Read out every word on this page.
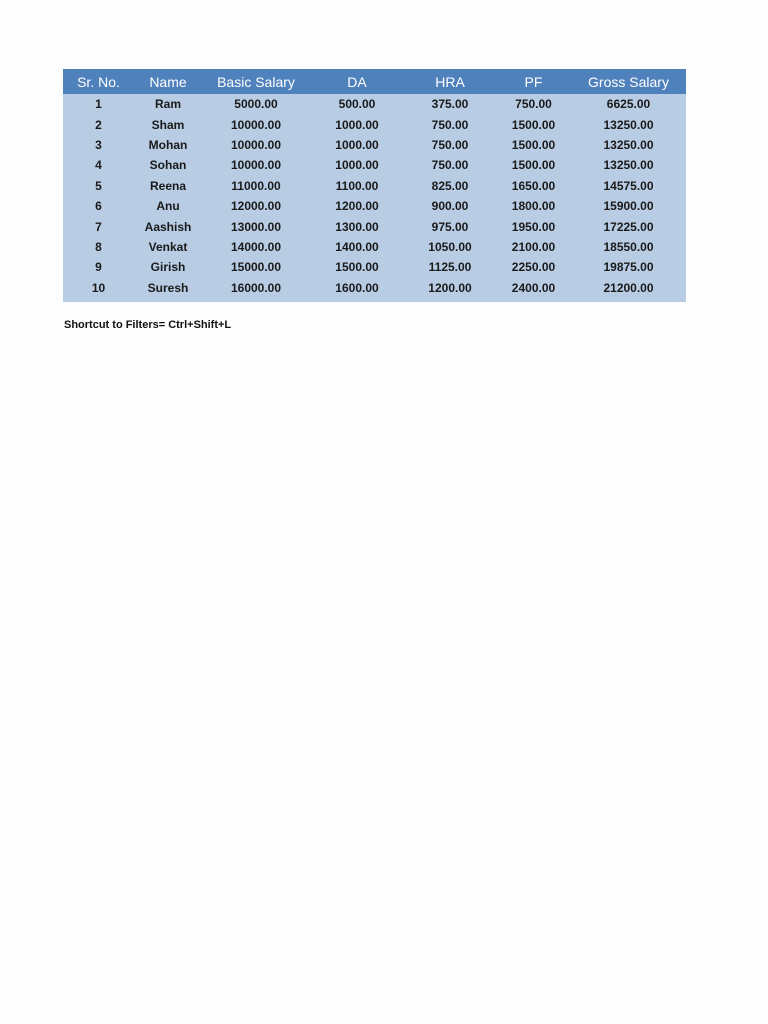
Sr. No.	Name	Basic Salary	DA	HRA	PF	Gross Salary
1	Ram	5000.00	500.00	375.00	750.00	6625.00
2	Sham	10000.00	1000.00	750.00	1500.00	13250.00
3	Mohan	10000.00	1000.00	750.00	1500.00	13250.00
4	Sohan	10000.00	1000.00	750.00	1500.00	13250.00
5	Reena	11000.00	1100.00	825.00	1650.00	14575.00
6	Anu	12000.00	1200.00	900.00	1800.00	15900.00
7	Aashish	13000.00	1300.00	975.00	1950.00	17225.00
8	Venkat	14000.00	1400.00	1050.00	2100.00	18550.00
9	Girish	15000.00	1500.00	1125.00	2250.00	19875.00
10	Suresh	16000.00	1600.00	1200.00	2400.00	21200.00
Shortcut to Filters= Ctrl+Shift+L
